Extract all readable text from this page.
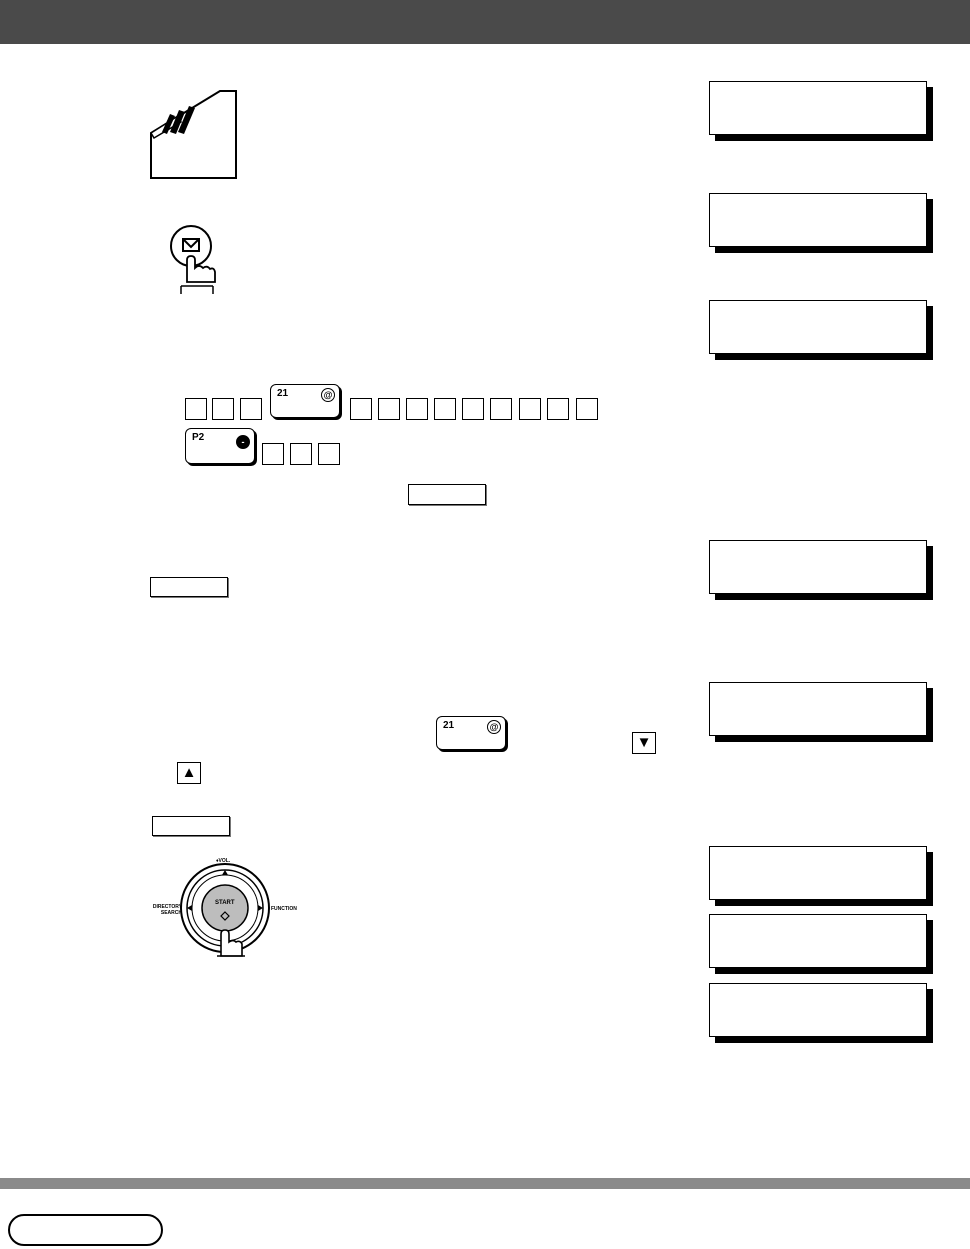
21	@
P2	-
21	@
▼
▲
START
♦VOL.
DIRECTORY SEARCH
FUNCTION
